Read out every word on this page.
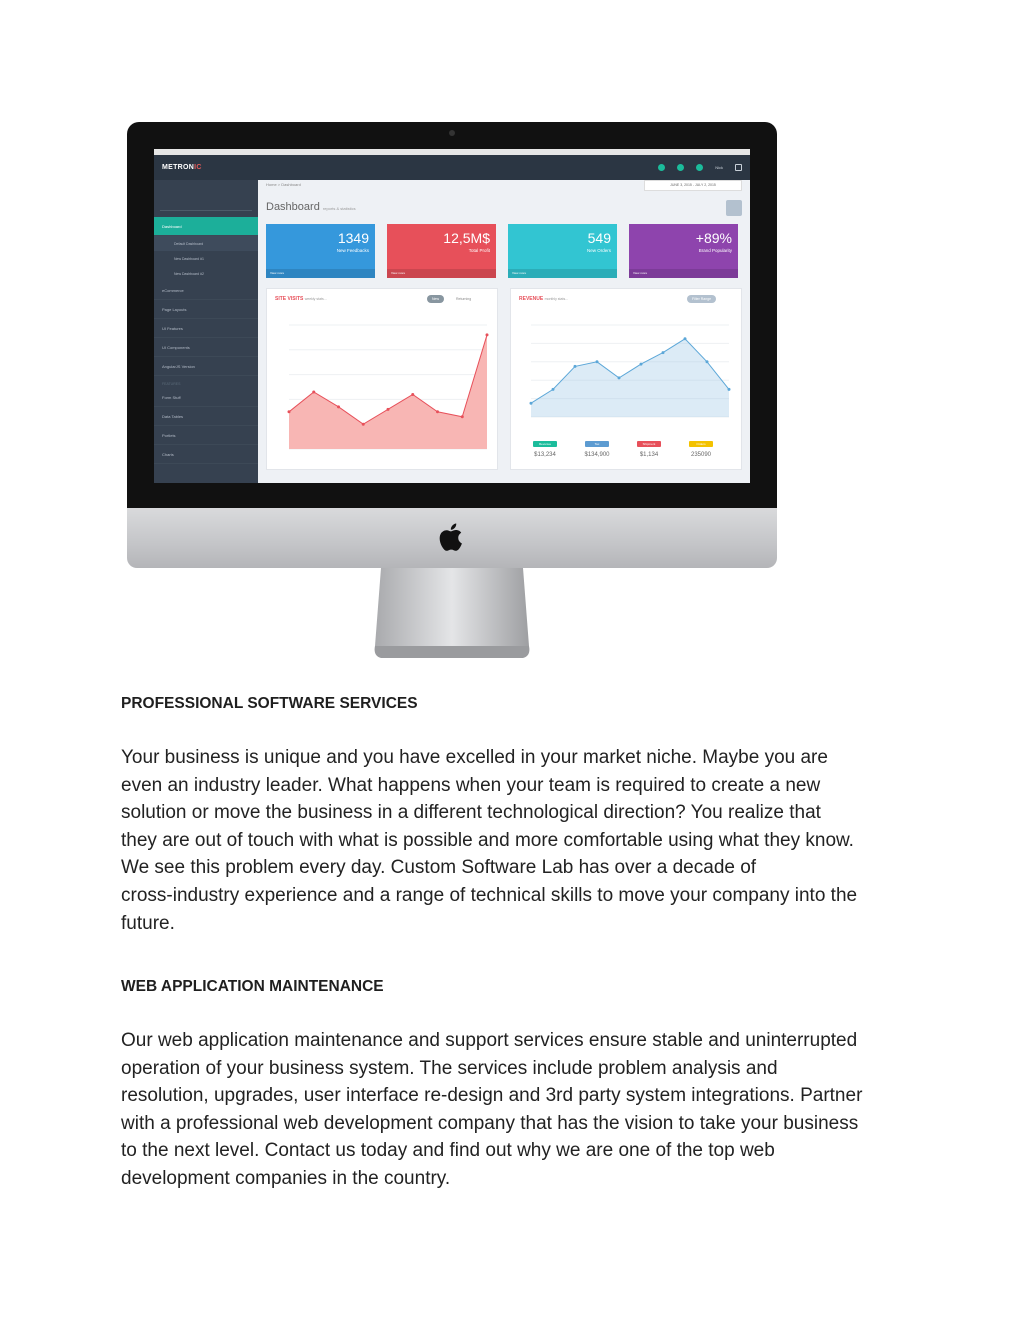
METRONIC	Nick
Dashboard
Default Dashboard
New Dashboard #1
New Dashboard #2
eCommerce
Page Layouts
UI Features
UI Components
AngularJS Version
FEATURES
Form Stuff
Data Tables
Portlets
Charts
Home > Dashboard	JUNE 3, 2015 - JULY 2, 2015
Dashboard reports & statistics
1349
New Feedbacks
View more
12,5M$
Total Profit
View more
549
New Orders
View more
+89%
Brand Popularity
View more
SITE VISITS weekly stats...	New	Returning	REVENUE monthly stats...	Filter Range
Revenue
$13,234
Tax
$134,900
Shipment
$1,134
Orders
235090
PROFESSIONAL SOFTWARE SERVICES
Your business is unique and you have excelled in your market niche. Maybe you are
even an industry leader. What happens when your team is required to create a new
solution or move the business in a different technological direction? You realize that
they are out of touch with what is possible and more comfortable using what they know.
We see this problem every day. Custom Software Lab has over a decade of
cross-industry experience and a range of technical skills to move your company into the
future.
WEB APPLICATION MAINTENANCE
Our web application maintenance and support services ensure stable and uninterrupted
operation of your business system. The services include problem analysis and
resolution, upgrades, user interface re-design and 3rd party system integrations. Partner
with a professional web development company that has the vision to take your business
to the next level. Contact us today and find out why we are one of the top web
development companies in the country.
